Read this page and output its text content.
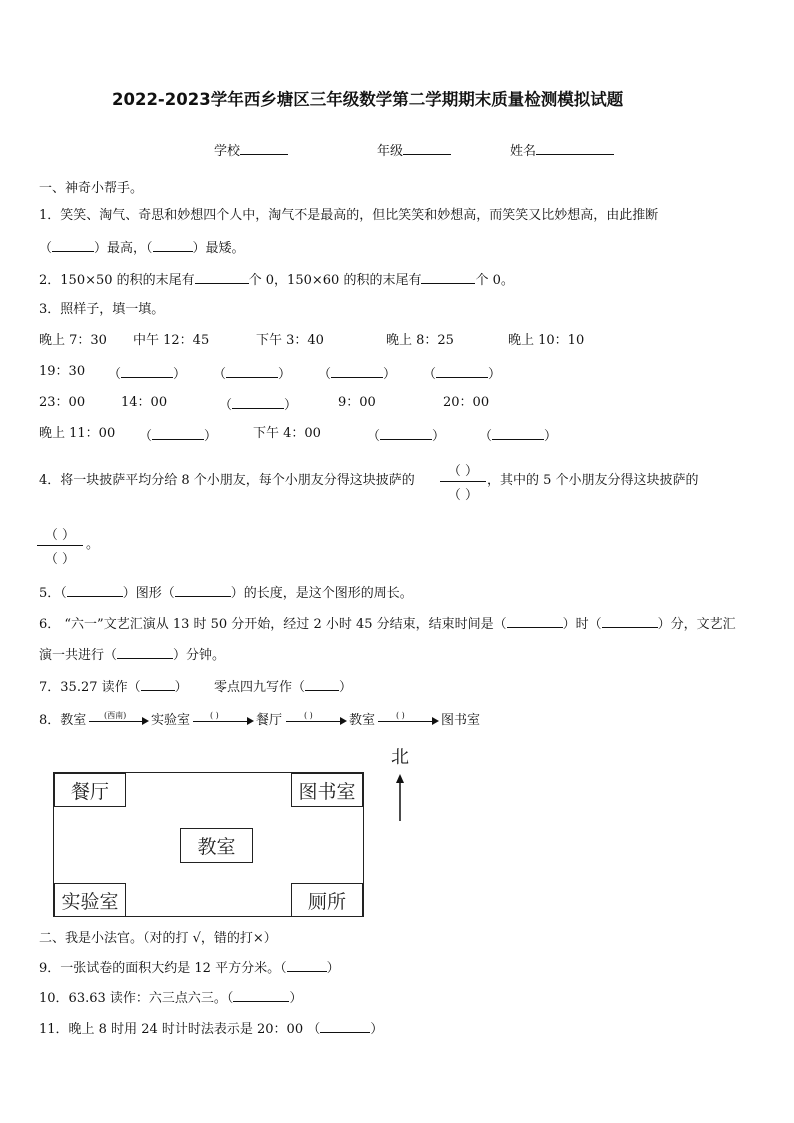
2022-2023学年西乡塘区三年级数学第二学期期末质量检测模拟试题
学校	年级	姓名
一、神奇小帮手。
1．笑笑、淘气、奇思和妙想四个人中，淘气不是最高的，但比笑笑和妙想高，而笑笑又比妙想高，由此推断
（	）最高，（	）最矮。
2．150×50 的积的末尾有	个 0，150×60 的积的末尾有	个 0。
3．照样子，填一填。
晚上 7：30 中午 12：45	下午 3：40	晚上 8：25	晚上 10：10
19：30 （	） （	） （	） （	）
23：00	14：00	（	）	9：00	20：00
晚上 11：00 （	）	下午 4：00	（	）	（	）
4．将一块披萨平均分给 8 个小朋友，每个小朋友分得这块披萨的
（ ）
（ ）
，其中的 5 个小朋友分得这块披萨的
（ ）
（ ）
。
5．（	）图形（	）的长度，是这个图形的周长。
6． “六一”文艺汇演从 13 时 50 分开始，经过 2 小时 45 分结束，结束时间是（	）时（	）分，文艺汇
演一共进行（	）分钟。
7．35.27 读作（	） 零点四九写作（	）
8．教室 (西南) 实验室 ( )	餐厅	( )	教室	( )	图书室
餐厅	图书室
教室
实验室	厕所
北
二、我是小法官。（对的打 √，错的打×）
9．一张试卷的面积大约是 12 平方分米。（	）
10．63.63 读作：六三点六三。（	）
11．晚上 8 时用 24 时计时法表示是 20：00 （	）
